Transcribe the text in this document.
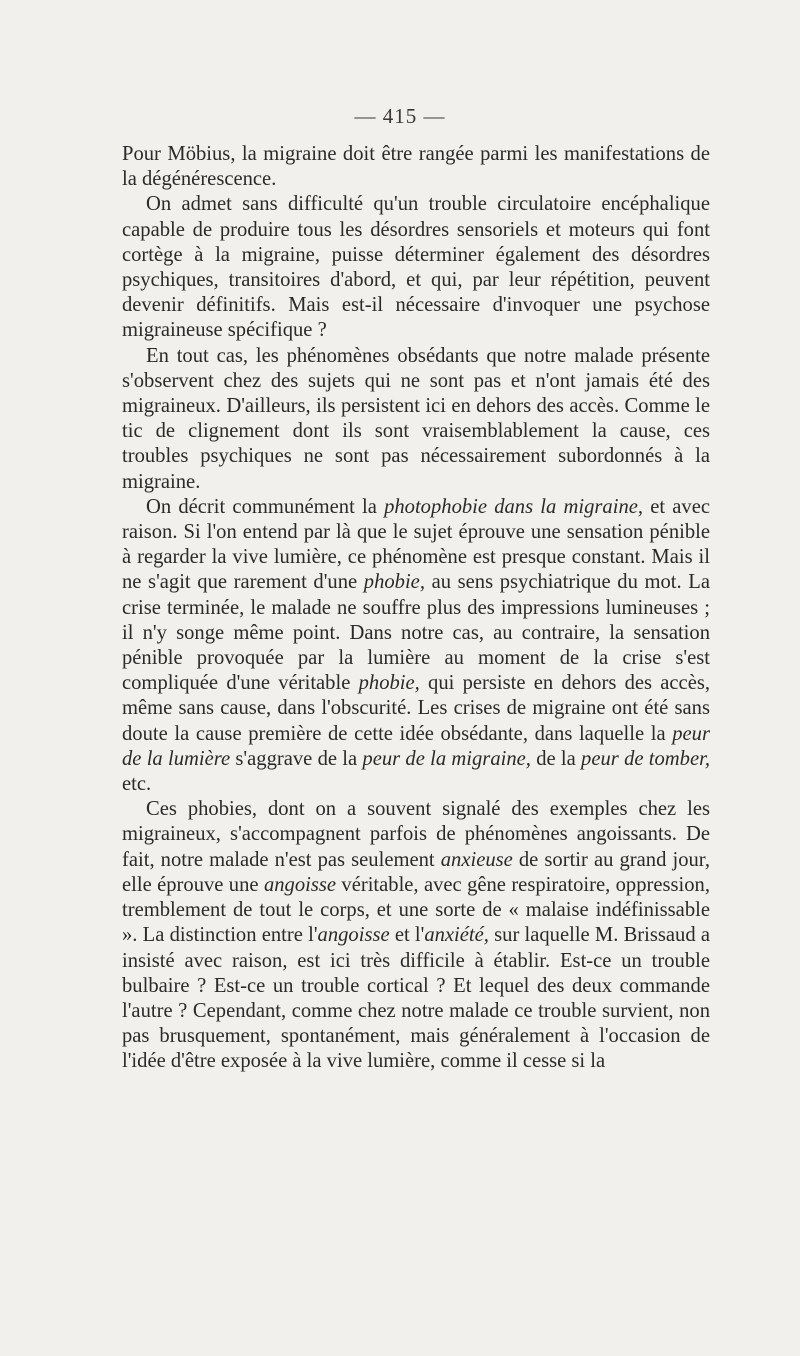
— 415 —

Pour Möbius, la migraine doit être rangée parmi les manifestations de la dégénérescence.

On admet sans difficulté qu'un trouble circulatoire encéphalique capable de produire tous les désordres sensoriels et moteurs qui font cortège à la migraine, puisse déterminer également des désordres psychiques, transitoires d'abord, et qui, par leur répétition, peuvent devenir définitifs. Mais est-il nécessaire d'invoquer une psychose migraineuse spécifique ?

En tout cas, les phénomènes obsédants que notre malade présente s'observent chez des sujets qui ne sont pas et n'ont jamais été des migraineux. D'ailleurs, ils persistent ici en dehors des accès. Comme le tic de clignement dont ils sont vraisemblablement la cause, ces troubles psychiques ne sont pas nécessairement subordonnés à la migraine.

On décrit communément la photophobie dans la migraine, et avec raison. Si l'on entend par là que le sujet éprouve une sensation pénible à regarder la vive lumière, ce phénomène est presque constant. Mais il ne s'agit que rarement d'une phobie, au sens psychiatrique du mot. La crise terminée, le malade ne souffre plus des impressions lumineuses ; il n'y songe même point. Dans notre cas, au contraire, la sensation pénible provoquée par la lumière au moment de la crise s'est compliquée d'une véritable phobie, qui persiste en dehors des accès, même sans cause, dans l'obscurité. Les crises de migraine ont été sans doute la cause première de cette idée obsédante, dans laquelle la peur de la lumière s'aggrave de la peur de la migraine, de la peur de tomber, etc.

Ces phobies, dont on a souvent signalé des exemples chez les migraineux, s'accompagnent parfois de phénomènes angoissants. De fait, notre malade n'est pas seulement anxieuse de sortir au grand jour, elle éprouve une angoisse véritable, avec gêne respiratoire, oppression, tremblement de tout le corps, et une sorte de « malaise indéfinissable ». La distinction entre l'angoisse et l'anxiété, sur laquelle M. Brissaud a insisté avec raison, est ici très difficile à établir. Est-ce un trouble bulbaire ? Est-ce un trouble cortical ? Et lequel des deux commande l'autre ? Cependant, comme chez notre malade ce trouble survient, non pas brusquement, spontanément, mais généralement à l'occasion de l'idée d'être exposée à la vive lumière, comme il cesse si la
